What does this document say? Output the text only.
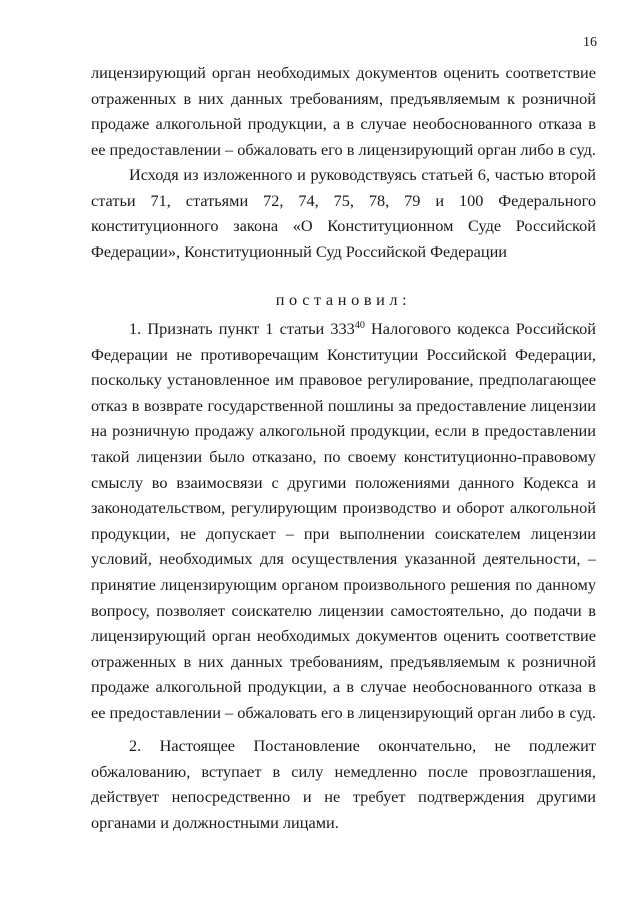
16

лицензирующий орган необходимых документов оценить соответствие отраженных в них данных требованиям, предъявляемым к розничной продаже алкогольной продукции, а в случае необоснованного отказа в ее предоставлении – обжаловать его в лицензирующий орган либо в суд.

Исходя из изложенного и руководствуясь статьей 6, частью второй статьи 71, статьями 72, 74, 75, 78, 79 и 100 Федерального конституционного закона «О Конституционном Суде Российской Федерации», Конституционный Суд Российской Федерации

постановил:

1. Признать пункт 1 статьи $333^{40}$ Налогового кодекса Российской Федерации не противоречащим Конституции Российской Федерации, поскольку установленное им правовое регулирование, предполагающее отказ в возврате государственной пошлины за предоставление лицензии на розничную продажу алкогольной продукции, если в предоставлении такой лицензии было отказано, по своему конституционно-правовому смыслу во взаимосвязи с другими положениями данного Кодекса и законодательством, регулирующим производство и оборот алкогольной продукции, не допускает – при выполнении соискателем лицензии условий, необходимых для осуществления указанной деятельности, – принятие лицензирующим органом произвольного решения по данному вопросу, позволяет соискателю лицензии самостоятельно, до подачи в лицензирующий орган необходимых документов оценить соответствие отраженных в них данных требованиям, предъявляемым к розничной продаже алкогольной продукции, а в случае необоснованного отказа в ее предоставлении – обжаловать его в лицензирующий орган либо в суд.

2. Настоящее Постановление окончательно, не подлежит обжалованию, вступает в силу немедленно после провозглашения, действует непосредственно и не требует подтверждения другими органами и должностными лицами.
